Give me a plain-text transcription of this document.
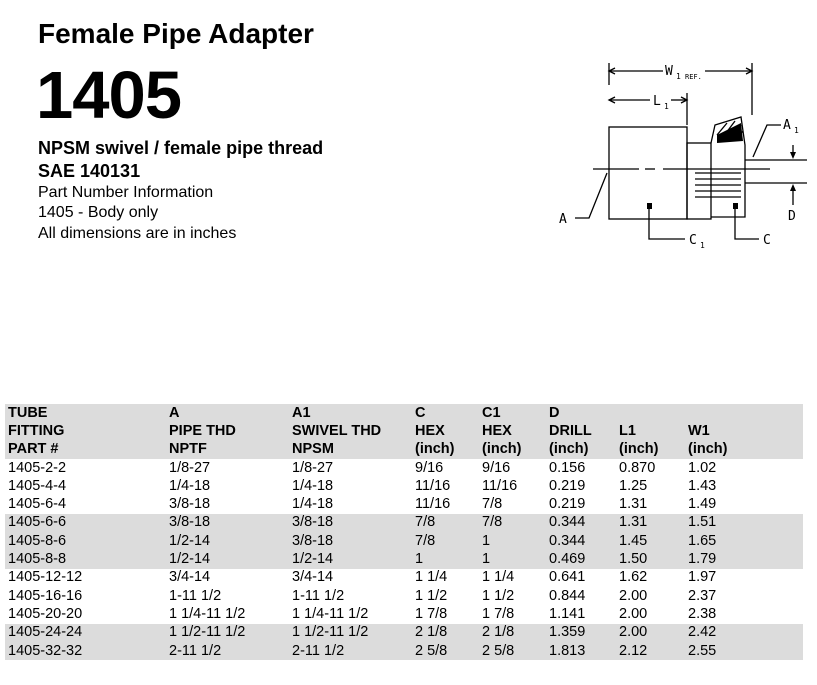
Female Pipe Adapter
1405
NPSM swivel / female pipe thread
SAE 140131
Part Number Information
1405 - Body only
All dimensions are in inches
W 1 REF.
L 1
A 1
A	D
C 1	C
TUBE	A	A1	C	C1	D		
FITTING	PIPE THD	SWIVEL THD	HEX	HEX	DRILL	L1	W1
PART #	NPTF	NPSM	(inch)	(inch)	(inch)	(inch)	(inch)
1405-2-2	1/8-27	1/8-27	9/16	9/16	0.156	0.870	1.02
1405-4-4	1/4-18	1/4-18	11/16	11/16	0.219	1.25	1.43
1405-6-4	3/8-18	1/4-18	11/16	7/8	0.219	1.31	1.49
1405-6-6	3/8-18	3/8-18	7/8	7/8	0.344	1.31	1.51
1405-8-6	1/2-14	3/8-18	7/8	1	0.344	1.45	1.65
1405-8-8	1/2-14	1/2-14	1	1	0.469	1.50	1.79
1405-12-12	3/4-14	3/4-14	1 1/4	1 1/4	0.641	1.62	1.97
1405-16-16	1-11 1/2	1-11 1/2	1 1/2	1 1/2	0.844	2.00	2.37
1405-20-20	1 1/4-11 1/2	1 1/4-11 1/2	1 7/8	1 7/8	1.141	2.00	2.38
1405-24-24	1 1/2-11 1/2	1 1/2-11 1/2	2 1/8	2 1/8	1.359	2.00	2.42
1405-32-32	2-11 1/2	2-11 1/2	2 5/8	2 5/8	1.813	2.12	2.55
